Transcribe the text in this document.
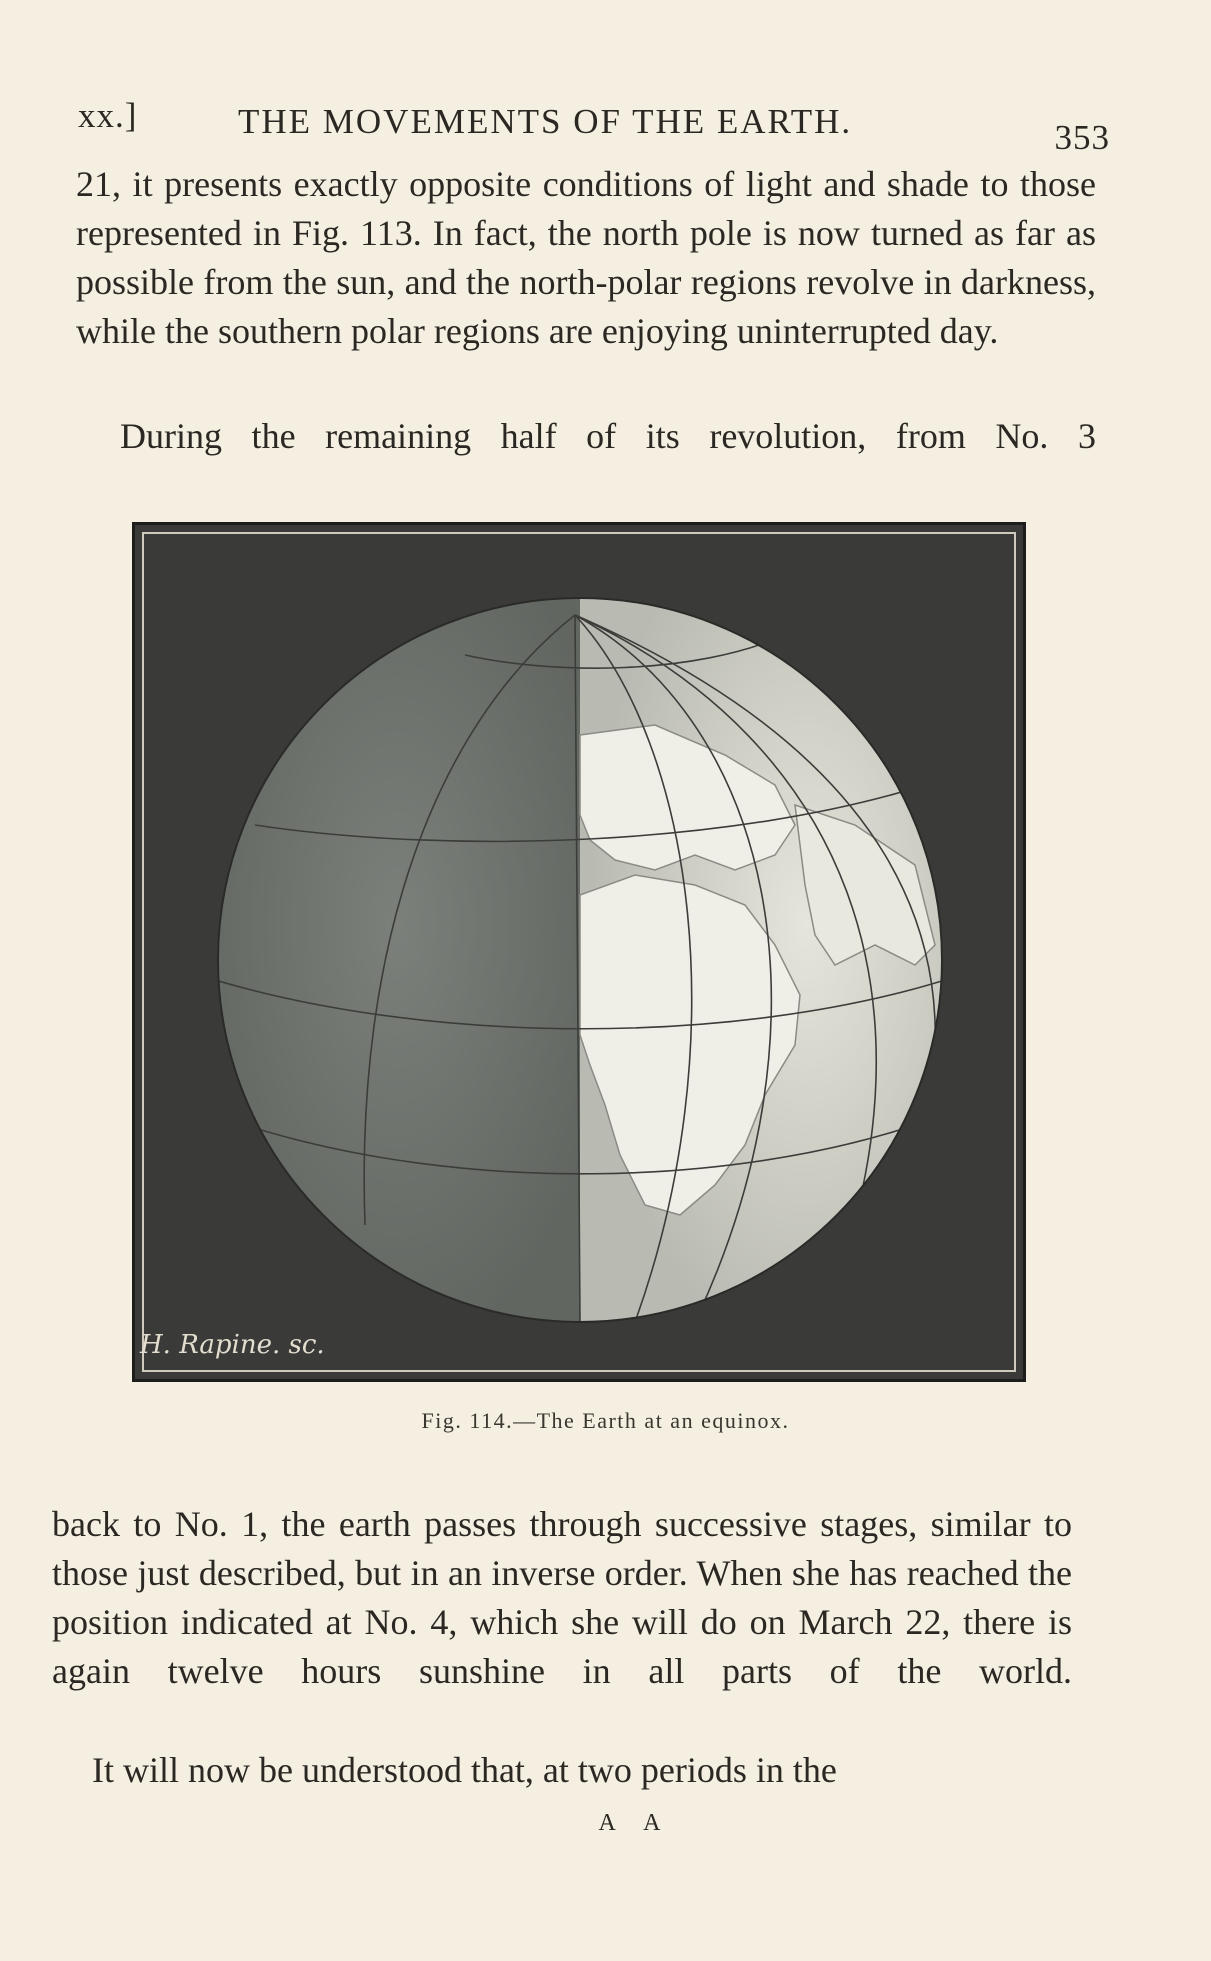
xx.]	THE MOVEMENTS OF THE EARTH.	353

21, it presents exactly opposite conditions of light and shade to those represented in Fig. 113. In fact, the north pole is now turned as far as possible from the sun, and the north-polar regions revolve in darkness, while the southern polar regions are enjoying uninterrupted day.

During the remaining half of its revolution, from No. 3

H. Rapine. sc.
Fig. 114.—The Earth at an equinox.

back to No. 1, the earth passes through successive stages, similar to those just described, but in an inverse order. When she has reached the position indicated at No. 4, which she will do on March 22, there is again twelve hours sunshine in all parts of the world.

It will now be understood that, at two periods in the

A A
